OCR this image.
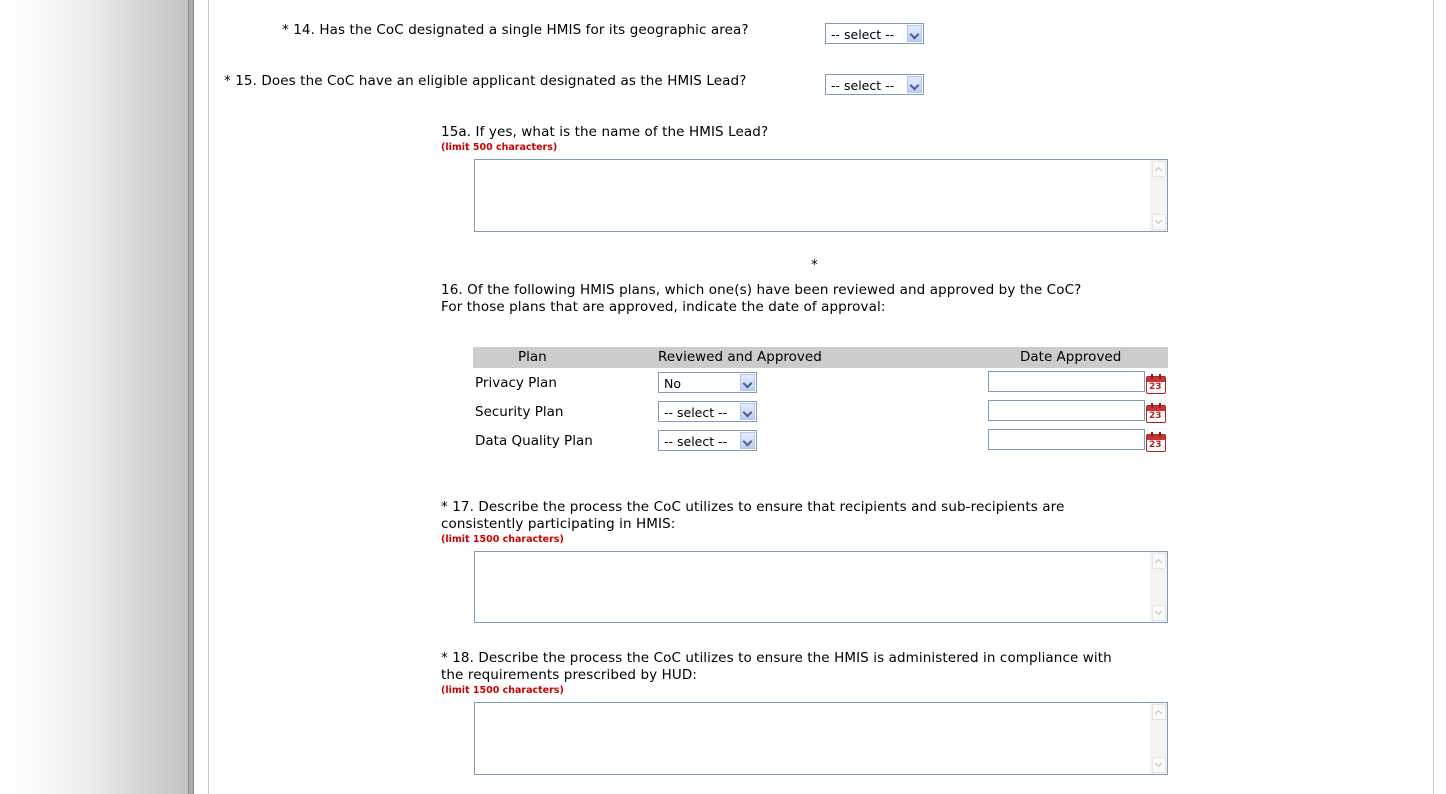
* 14. Has the CoC designated a single HMIS for its geographic area?	-- select --
* 15. Does the CoC have an eligible applicant designated as the HMIS Lead?	-- select --
15a. If yes, what is the name of the HMIS Lead?
(limit 500 characters)
*
16. Of the following HMIS plans, which one(s) have been reviewed and approved by the CoC?
For those plans that are approved, indicate the date of approval:
Plan	Reviewed and Approved	Date Approved
Privacy Plan	No	23
Security Plan	-- select --	23
Data Quality Plan	-- select --	23
* 17. Describe the process the CoC utilizes to ensure that recipients and sub-recipients are
consistently participating in HMIS:
(limit 1500 characters)
* 18. Describe the process the CoC utilizes to ensure the HMIS is administered in compliance with
the requirements prescribed by HUD:
(limit 1500 characters)
